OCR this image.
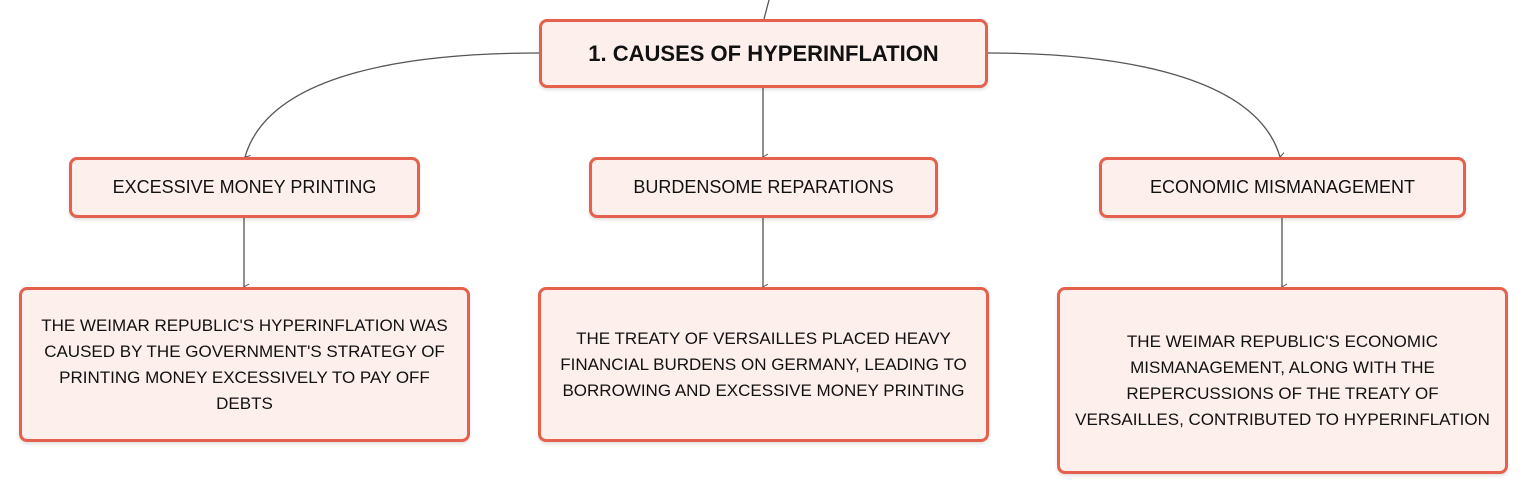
1. CAUSES OF HYPERINFLATION
EXCESSIVE MONEY PRINTING	BURDENSOME REPARATIONS	ECONOMIC MISMANAGEMENT
THE WEIMAR REPUBLIC'S HYPERINFLATION WAS CAUSED BY THE GOVERNMENT'S STRATEGY OF PRINTING MONEY EXCESSIVELY TO PAY OFF DEBTS
THE TREATY OF VERSAILLES PLACED HEAVY FINANCIAL BURDENS ON GERMANY, LEADING TO BORROWING AND EXCESSIVE MONEY PRINTING
THE WEIMAR REPUBLIC'S ECONOMIC MISMANAGEMENT, ALONG WITH THE REPERCUSSIONS OF THE TREATY OF VERSAILLES, CONTRIBUTED TO HYPERINFLATION
